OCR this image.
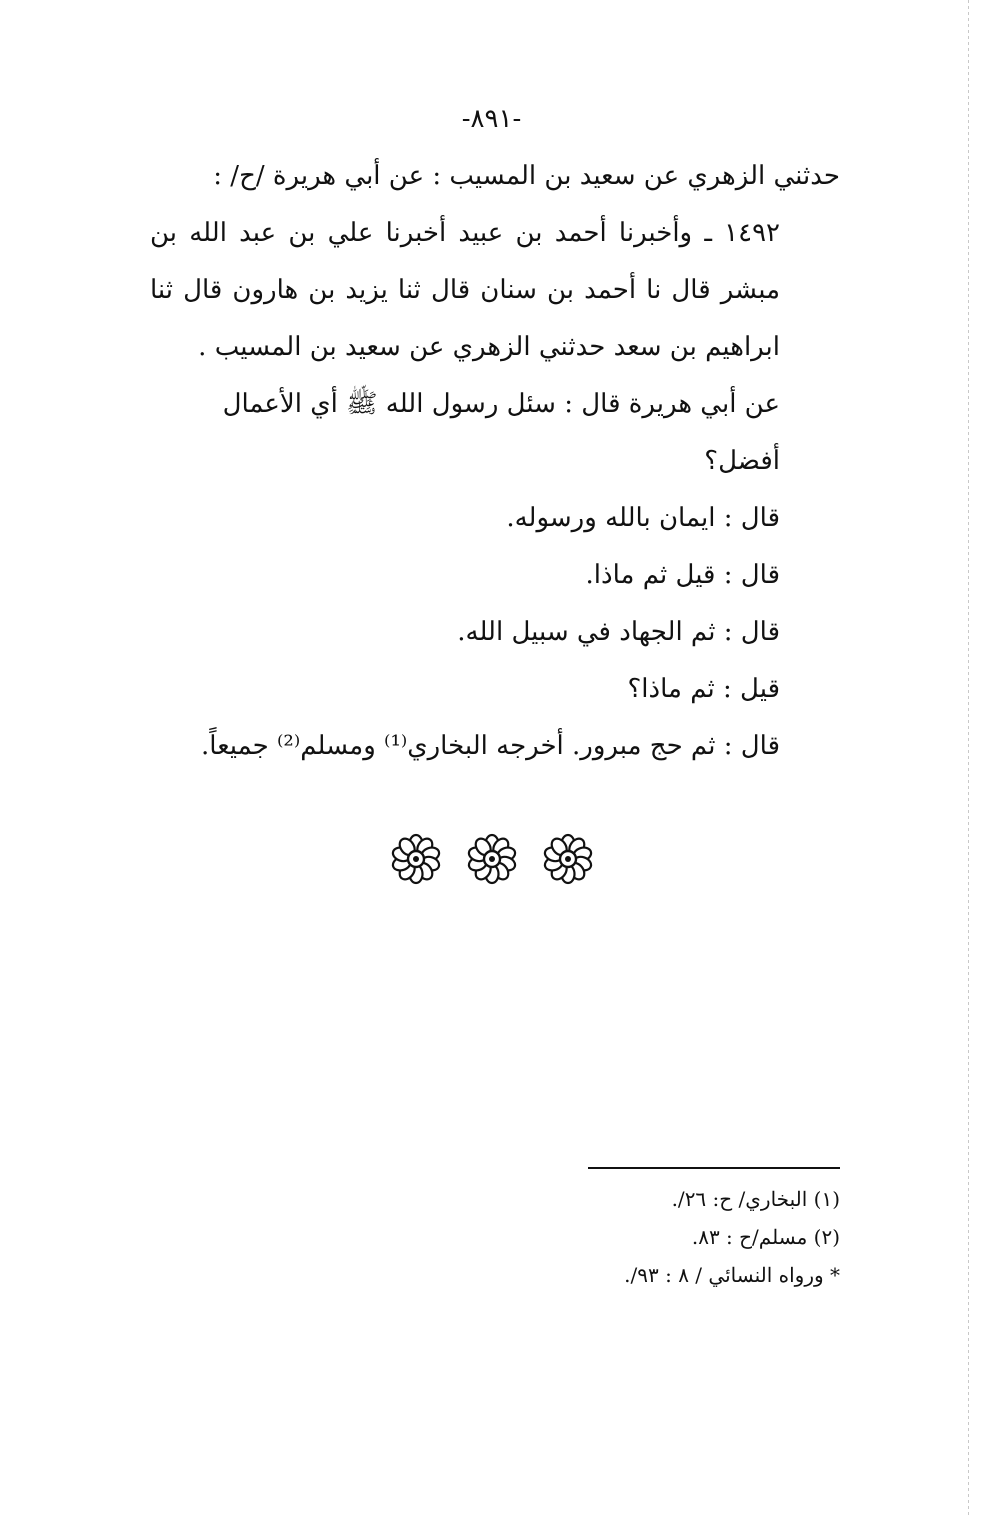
-٨٩١-

حدثني الزهري عن سعيد بن المسيب : عن أبي هريرة /ح/ :

١٤٩٢ ـ وأخبرنا أحمد بن عبيد أخبرنا علي بن عبد الله بن مبشر قال نا أحمد بن سنان قال ثنا يزيد بن هارون قال ثنا ابراهيم بن سعد حدثني الزهري عن سعيد بن المسيب .

عن أبي هريرة قال : سئل رسول الله ﷺ أي الأعمال أفضل؟

قال : ايمان بالله ورسوله.

قال : قيل ثم ماذا.

قال : ثم الجهاد في سبيل الله.

قيل : ثم ماذا؟

قال : ثم حج مبرور. أخرجه البخاري⁽¹⁾ ومسلم⁽²⁾ جميعاً.

(١) البخاري/ ح: ٢٦/.

(٢) مسلم/ح : ٨٣.

* ورواه النسائي / ٨ : ٩٣/.
